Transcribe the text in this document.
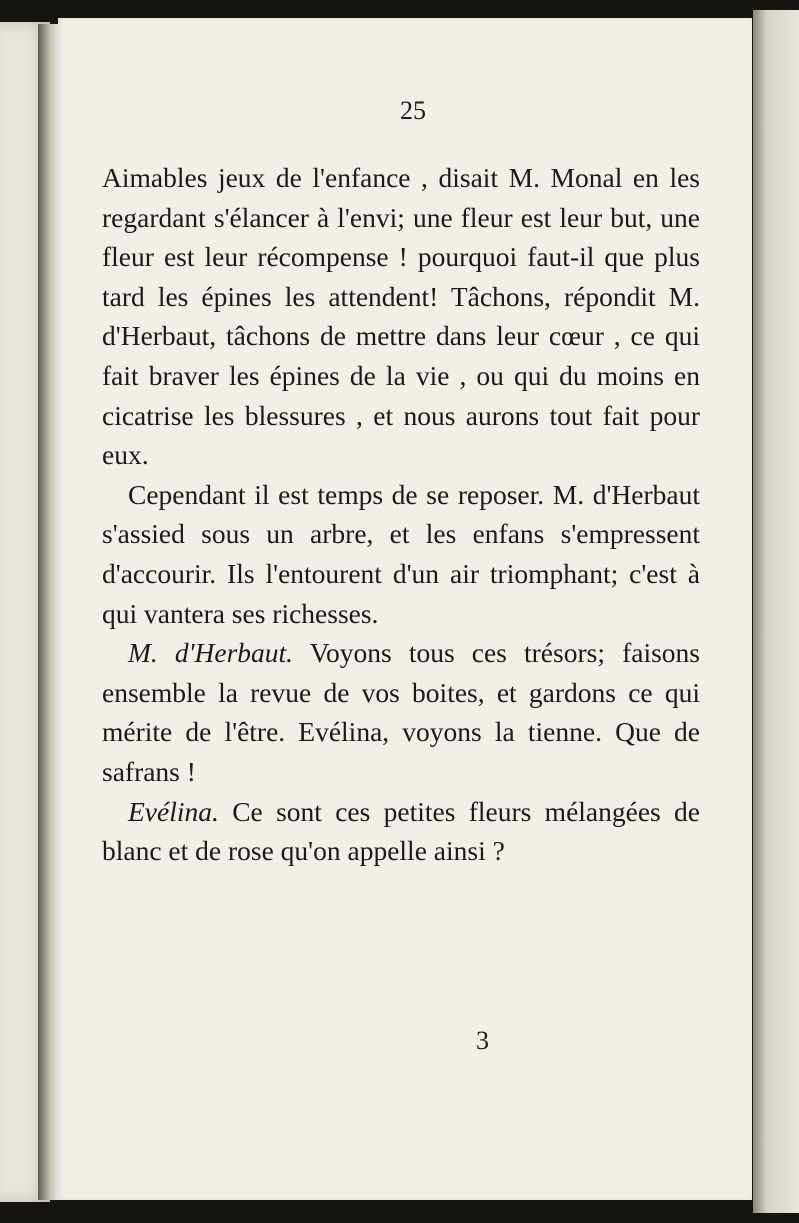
25

Aimables jeux de l'enfance , disait M. Monal en les regardant s'élancer à l'envi; une fleur est leur but, une fleur est leur récompense ! pourquoi faut-il que plus tard les épines les attendent! Tâchons, répondit M. d'Herbaut, tâchons de mettre dans leur cœur , ce qui fait braver les épines de la vie , ou qui du moins en cicatrise les blessures , et nous aurons tout fait pour eux.

Cependant il est temps de se reposer. M. d'Herbaut s'assied sous un arbre, et les enfans s'empressent d'accourir. Ils l'entourent d'un air triomphant; c'est à qui vantera ses richesses.

M. d'Herbaut. Voyons tous ces trésors; faisons ensemble la revue de vos boites, et gardons ce qui mérite de l'être. Evélina, voyons la tienne. Que de safrans !

Evélina. Ce sont ces petites fleurs mélangées de blanc et de rose qu'on appelle ainsi ?

3
